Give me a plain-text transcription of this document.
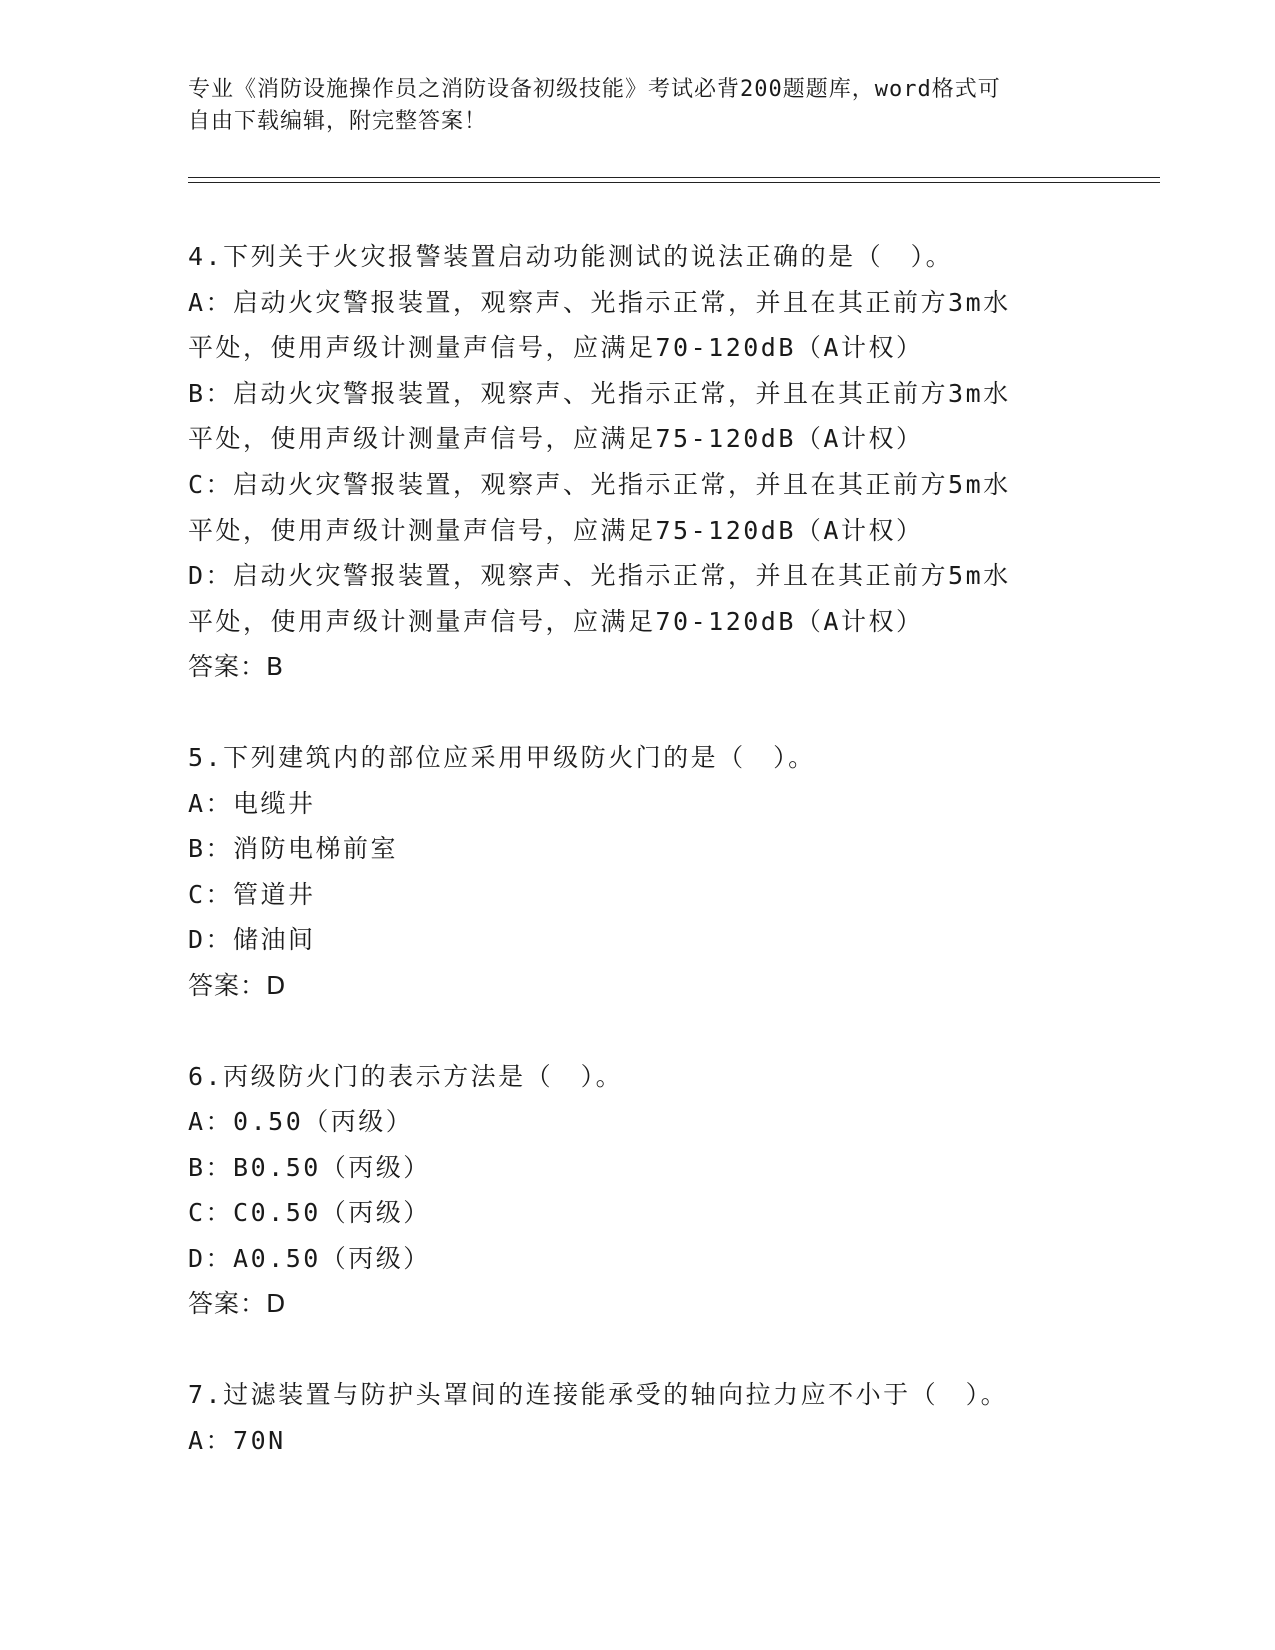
专业《消防设施操作员之消防设备初级技能》考试必背200题题库，word格式可
自由下载编辑，附完整答案！

4.下列关于火灾报警装置启动功能测试的说法正确的是（　）。

A：启动火灾警报装置，观察声、光指示正常，并且在其正前方3m水

平处，使用声级计测量声信号，应满足70-120dB（A计权）

B：启动火灾警报装置，观察声、光指示正常，并且在其正前方3m水

平处，使用声级计测量声信号，应满足75-120dB（A计权）

C：启动火灾警报装置，观察声、光指示正常，并且在其正前方5m水

平处，使用声级计测量声信号，应满足75-120dB（A计权）

D：启动火灾警报装置，观察声、光指示正常，并且在其正前方5m水

平处，使用声级计测量声信号，应满足70-120dB（A计权）

答案：B

5.下列建筑内的部位应采用甲级防火门的是（　）。

A：电缆井

B：消防电梯前室

C：管道井

D：储油间

答案：D

6.丙级防火门的表示方法是（　）。

A：0.50（丙级）

B：B0.50（丙级）

C：C0.50（丙级）

D：A0.50（丙级）

答案：D

7.过滤装置与防护头罩间的连接能承受的轴向拉力应不小于（　）。

A：70N
